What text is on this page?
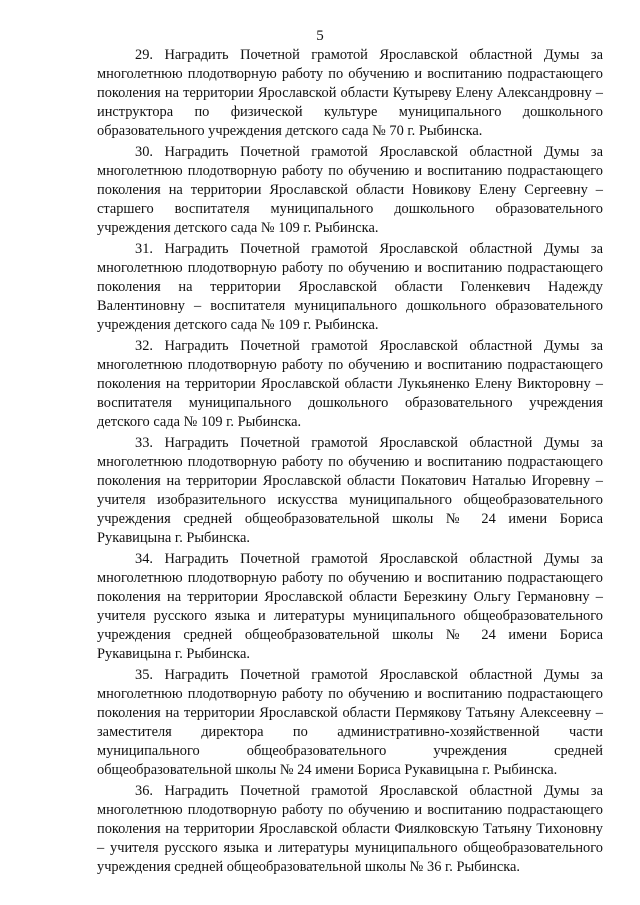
5

29. Наградить Почетной грамотой Ярославской областной Думы за многолетнюю плодотворную работу по обучению и воспитанию подрастающего поколения на территории Ярославской области Кутыреву Елену Александровну – инструктора по физической культуре муниципального дошкольного образовательного учреждения детского сада № 70 г. Рыбинска.

30. Наградить Почетной грамотой Ярославской областной Думы за многолетнюю плодотворную работу по обучению и воспитанию подрастающего поколения на территории Ярославской области Новикову Елену Сергеевну – старшего воспитателя муниципального дошкольного образовательного учреждения детского сада № 109 г. Рыбинска.

31. Наградить Почетной грамотой Ярославской областной Думы за многолетнюю плодотворную работу по обучению и воспитанию подрастающего поколения на территории Ярославской области Голенкевич Надежду Валентиновну – воспитателя муниципального дошкольного образовательного учреждения детского сада № 109 г. Рыбинска.

32. Наградить Почетной грамотой Ярославской областной Думы за многолетнюю плодотворную работу по обучению и воспитанию подрастающего поколения на территории Ярославской области Лукьяненко Елену Викторовну – воспитателя муниципального дошкольного образовательного учреждения детского сада № 109 г. Рыбинска.

33. Наградить Почетной грамотой Ярославской областной Думы за многолетнюю плодотворную работу по обучению и воспитанию подрастающего поколения на территории Ярославской области Покатович Наталью Игоревну – учителя изобразительного искусства муниципального общеобразовательного учреждения средней общеобразовательной школы № 24 имени Бориса Рукавицына г. Рыбинска.

34. Наградить Почетной грамотой Ярославской областной Думы за многолетнюю плодотворную работу по обучению и воспитанию подрастающего поколения на территории Ярославской области Березкину Ольгу Германовну – учителя русского языка и литературы муниципального общеобразовательного учреждения средней общеобразовательной школы № 24 имени Бориса Рукавицына г. Рыбинска.

35. Наградить Почетной грамотой Ярославской областной Думы за многолетнюю плодотворную работу по обучению и воспитанию подрастающего поколения на территории Ярославской области Пермякову Татьяну Алексеевну – заместителя директора по административно-хозяйственной части муниципального общеобразовательного учреждения средней общеобразовательной школы № 24 имени Бориса Рукавицына г. Рыбинска.

36. Наградить Почетной грамотой Ярославской областной Думы за многолетнюю плодотворную работу по обучению и воспитанию подрастающего поколения на территории Ярославской области Фиялковскую Татьяну Тихоновну – учителя русского языка и литературы муниципального общеобразовательного учреждения средней общеобразовательной школы № 36 г. Рыбинска.
